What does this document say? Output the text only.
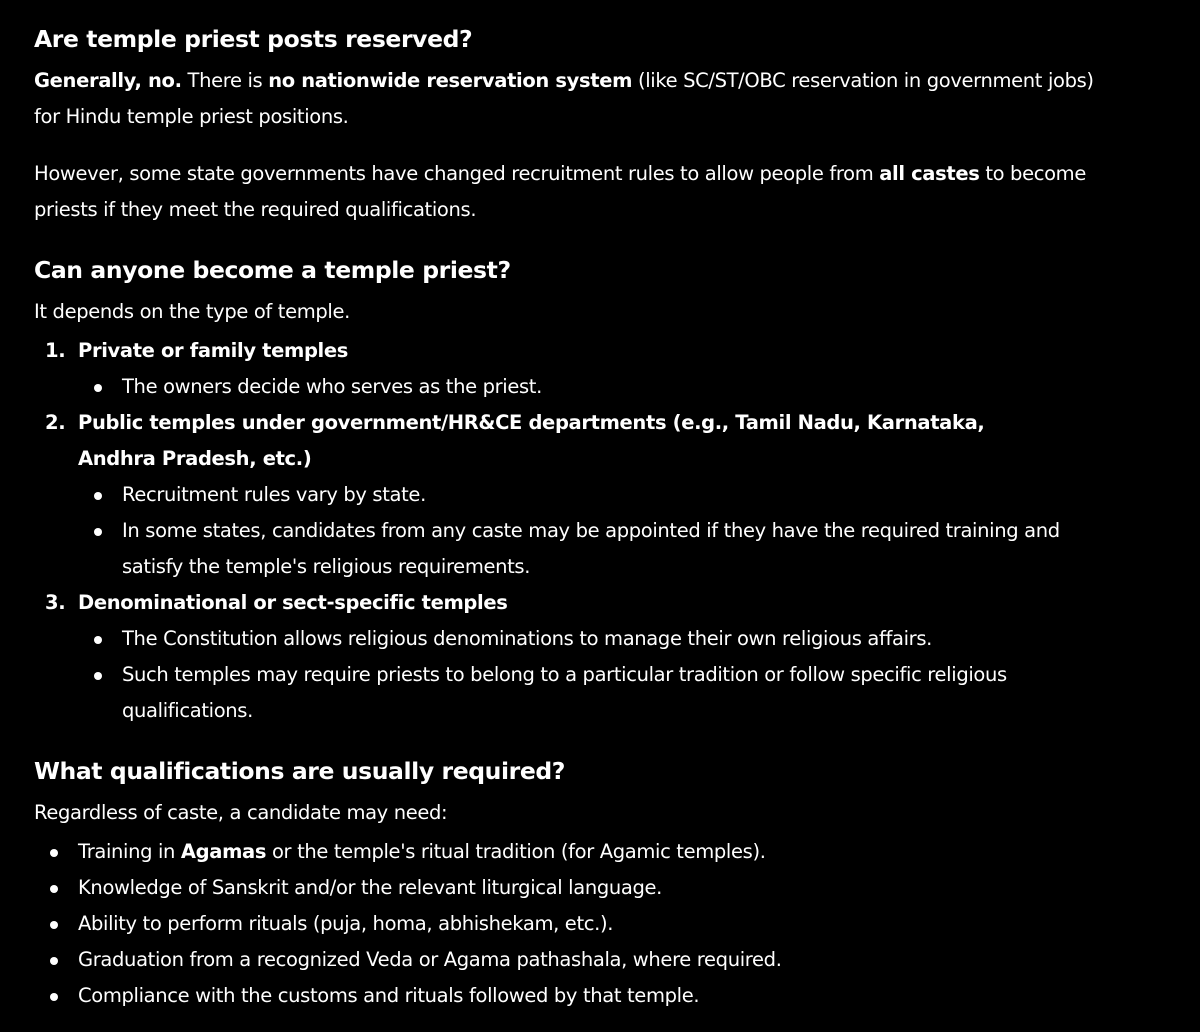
Are temple priest posts reserved?

Generally, no. There is no nationwide reservation system (like SC/ST/OBC reservation in government jobs) for Hindu temple priest positions.

However, some state governments have changed recruitment rules to allow people from all castes to become priests if they meet the required qualifications.

Can anyone become a temple priest?

It depends on the type of temple.

1. Private or family temples
The owners decide who serves as the priest.
2. Public temples under government/HR&CE departments (e.g., Tamil Nadu, Karnataka, Andhra Pradesh, etc.)
Recruitment rules vary by state.
In some states, candidates from any caste may be appointed if they have the required training and satisfy the temple's religious requirements.
3. Denominational or sect-specific temples
The Constitution allows religious denominations to manage their own religious affairs.
Such temples may require priests to belong to a particular tradition or follow specific religious qualifications.
What qualifications are usually required?

Regardless of caste, a candidate may need:

Training in Agamas or the temple's ritual tradition (for Agamic temples).
Knowledge of Sanskrit and/or the relevant liturgical language.
Ability to perform rituals (puja, homa, abhishekam, etc.).
Graduation from a recognized Veda or Agama pathashala, where required.
Compliance with the customs and rituals followed by that temple.
